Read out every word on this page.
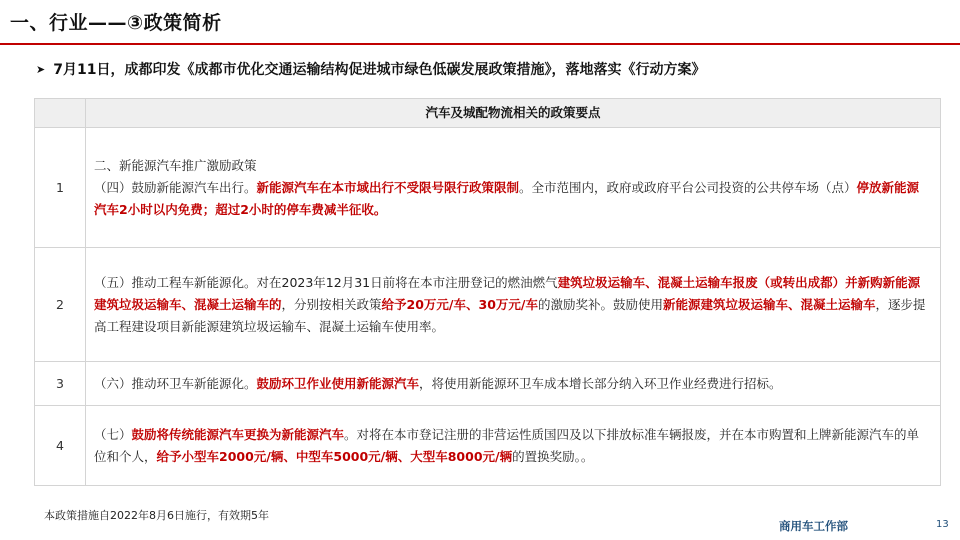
一、行业——③政策简析
➤ 7月11日，成都印发《成都市优化交通运输结构促进城市绿色低碳发展政策措施》，落地落实《行动方案》
	汽车及城配物流相关的政策要点
1	二、新能源汽车推广激励政策
（四）鼓励新能源汽车出行。新能源汽车在本市域出行不受限号限行政策限制。全市范围内，政府或政府平台公司投资的公共停车场（点）停放新能源汽车2小时以内免费；超过2小时的停车费减半征收。

2	（五）推动工程车新能源化。对在2023年12月31日前将在本市注册登记的燃油燃气建筑垃圾运输车、混凝土运输车报废（或转出成都）并新购新能源建筑垃圾运输车、混凝土运输车的，分别按相关政策给予20万元/车、30万元/车的激励奖补。鼓励使用新能源建筑垃圾运输车、混凝土运输车，逐步提高工程建设项目新能源建筑垃圾运输车、混凝土运输车使用率。
3	（六）推动环卫车新能源化。鼓励环卫作业使用新能源汽车，将使用新能源环卫车成本增长部分纳入环卫作业经费进行招标。
4	（七）鼓励将传统能源汽车更换为新能源汽车。对将在本市登记注册的非营运性质国四及以下排放标准车辆报废，并在本市购置和上牌新能源汽车的单位和个人，给予小型车2000元/辆、中型车5000元/辆、大型车8000元/辆的置换奖励。。
本政策措施自2022年8月6日施行，有效期5年
商用车工作部	13
